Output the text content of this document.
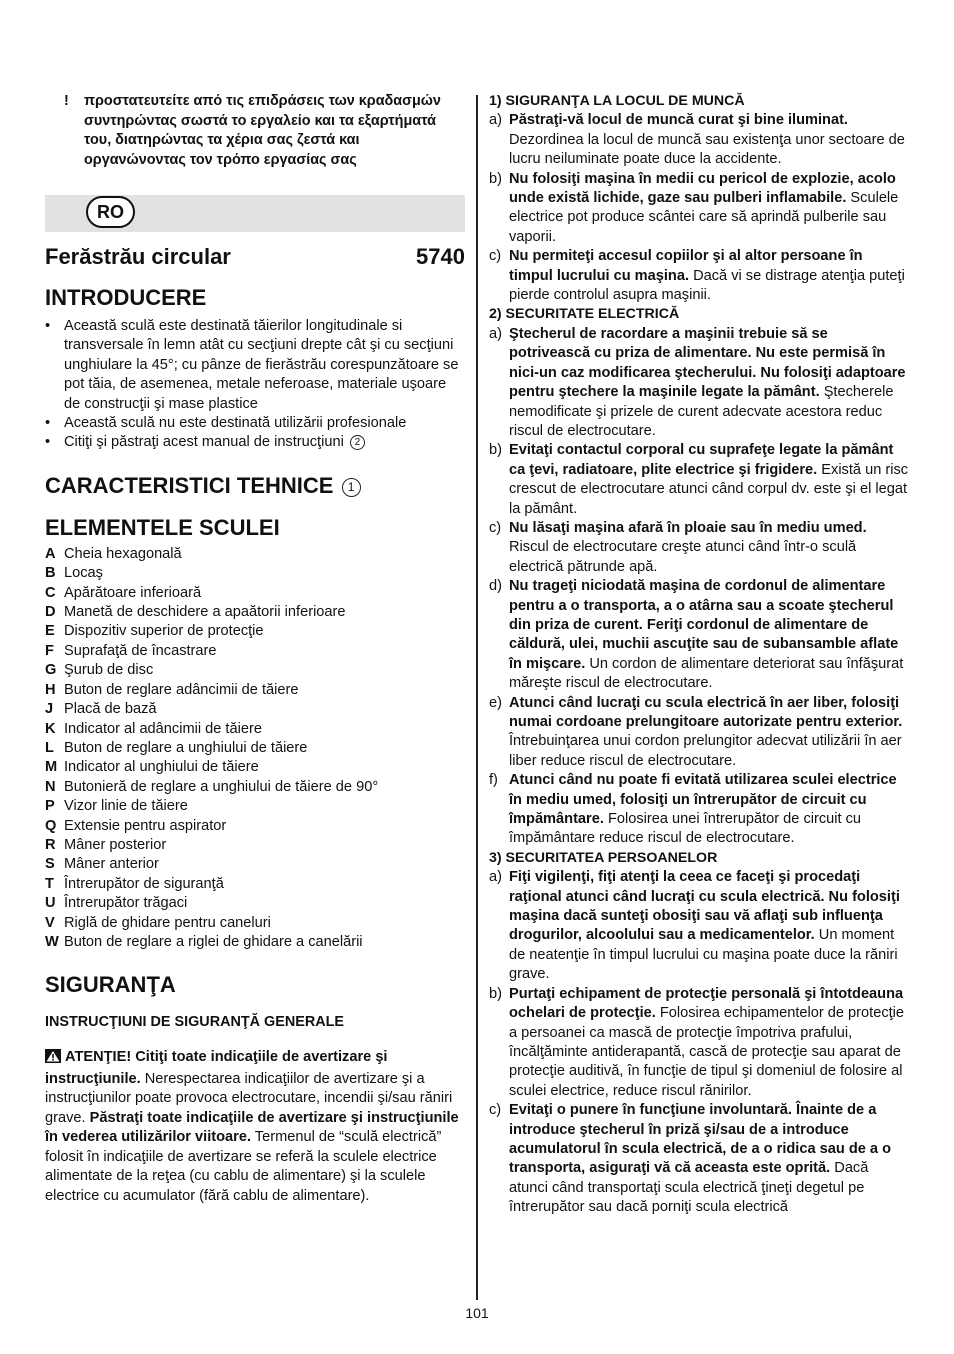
!	προστατευτείτε από τις επιδράσεις των κραδασμών συντηρώντας σωστά το εργαλείο και τα εξαρτήματά του, διατηρώντας τα χέρια σας ζεστά και οργανώνοντας τον τρόπο εργασίας σας
RO
Ferăstrău circular	5740
INTRODUCERE
• Această sculă este destinată tăierilor longitudinale si transversale în lemn atât cu secţiuni drepte cât şi cu secţiuni unghiulare la 45°; cu pânze de fierăstrău corespunzătoare se pot tăia, de asemenea, metale neferoase, materiale uşoare de construcţii şi mase plastice
• Această sculă nu este destinată utilizării profesionale
• Citiţi şi păstraţi acest manual de instrucţiuni 2
CARACTERISTICI TEHNICE 1
ELEMENTELE SCULEI
A Cheia hexagonală
B Locaş
C Apărătoare inferioară
D Manetă de deschidere a apaătorii inferioare
E Dispozitiv superior de protecţie
F Suprafaţă de încastrare
G Şurub de disc
H Buton de reglare adâncimii de tăiere
J Placă de bază
K Indicator al adâncimii de tăiere
L Buton de reglare a unghiului de tăiere
M Indicator al unghiului de tăiere
N Butonieră de reglare a unghiului de tăiere de 90°
P Vizor linie de tăiere
Q Extensie pentru aspirator
R Mâner posterior
S Mâner anterior
T Întrerupător de siguranţă
U Întrerupător trăgaci
V Riglă de ghidare pentru caneluri
W Buton de reglare a riglei de ghidare a canelării
SIGURANŢA
INSTRUCŢIUNI DE SIGURANŢĂ GENERALE
ATENŢIE! Citiţi toate indicaţiile de avertizare şi instrucţiunile. Nerespectarea indicaţiilor de avertizare şi a instrucţiunilor poate provoca electrocutare, incendii şi/sau răniri grave. Păstraţi toate indicaţiile de avertizare şi instrucţiunile în vederea utilizărilor viitoare. Termenul de “sculă electrică” folosit în indicaţiile de avertizare se referă la sculele electrice alimentate de la reţea (cu cablu de alimentare) şi la sculele electrice cu acumulator (fără cablu de alimentare).
1) SIGURANŢA LA LOCUL DE MUNCĂ
a) Păstraţi-vă locul de muncă curat şi bine iluminat. Dezordinea la locul de muncă sau existenţa unor sectoare de lucru neiluminate poate duce la accidente.
b) Nu folosiţi maşina în medii cu pericol de explozie, acolo unde există lichide, gaze sau pulberi inflamabile. Sculele electrice pot produce scântei care să aprindă pulberile sau vaporii.
c) Nu permiteţi accesul copiilor şi al altor persoane în timpul lucrului cu maşina. Dacă vi se distrage atenţia puteţi pierde controlul asupra maşinii.
2) SECURITATE ELECTRICĂ
a) Ştecherul de racordare a maşinii trebuie să se potrivească cu priza de alimentare. Nu este permisă în nici-un caz modificarea ştecherului. Nu folosiţi adaptoare pentru ştechere la maşinile legate la pământ. Ştecherele nemodificate şi prizele de curent adecvate acestora reduc riscul de electrocutare.
b) Evitaţi contactul corporal cu suprafeţe legate la pământ ca ţevi, radiatoare, plite electrice şi frigidere. Există un risc crescut de electrocutare atunci când corpul dv. este şi el legat la pământ.
c) Nu lăsaţi maşina afară în ploaie sau în mediu umed. Riscul de electrocutare creşte atunci când într-o sculă electrică pătrunde apă.
d) Nu trageţi niciodată maşina de cordonul de alimentare pentru a o transporta, a o atârna sau a scoate ştecherul din priza de curent. Feriţi cordonul de alimentare de căldură, ulei, muchii ascuţite sau de subansamble aflate în mişcare. Un cordon de alimentare deteriorat sau înfăşurat măreşte riscul de electrocutare.
e) Atunci când lucraţi cu scula electrică în aer liber, folosiţi numai cordoane prelungitoare autorizate pentru exterior. Întrebuinţarea unui cordon prelungitor adecvat utilizării în aer liber reduce riscul de electrocutare.
f) Atunci când nu poate fi evitată utilizarea sculei electrice în mediu umed, folosiţi un întrerupător de circuit cu împământare. Folosirea unei întrerupător de circuit cu împământare reduce riscul de electrocutare.
3) SECURITATEA PERSOANELOR
a) Fiţi vigilenţi, fiţi atenţi la ceea ce faceţi şi procedaţi raţional atunci când lucraţi cu scula electrică. Nu folosiţi maşina dacă sunteţi obosiţi sau vă aflaţi sub influenţa drogurilor, alcoolului sau a medicamentelor. Un moment de neatenţie în timpul lucrului cu maşina poate duce la rănirі grave.
b) Purtaţi echipament de protecţie personală şi întotdeauna ochelari de protecţie. Folosirea echipamentelor de protecţie a persoanei ca mască de protecţie împotriva prafului, încălţăminte antiderapantă, cască de protecţie sau aparat de protecţie auditivă, în funcţie de tipul şi domeniul de folosire al sculei electrice, reduce riscul rănirilor.
c) Evitaţi o punere în funcţiune involuntară. Înainte de a introduce ştecherul în priză şi/sau de a introduce acumulatorul în scula electrică, de a o ridica sau de a o transporta, asiguraţi vă că aceasta este oprită. Dacă atunci când transportaţi scula electrică ţineţi degetul pe întrerupător sau dacă porniţi scula electrică
101
